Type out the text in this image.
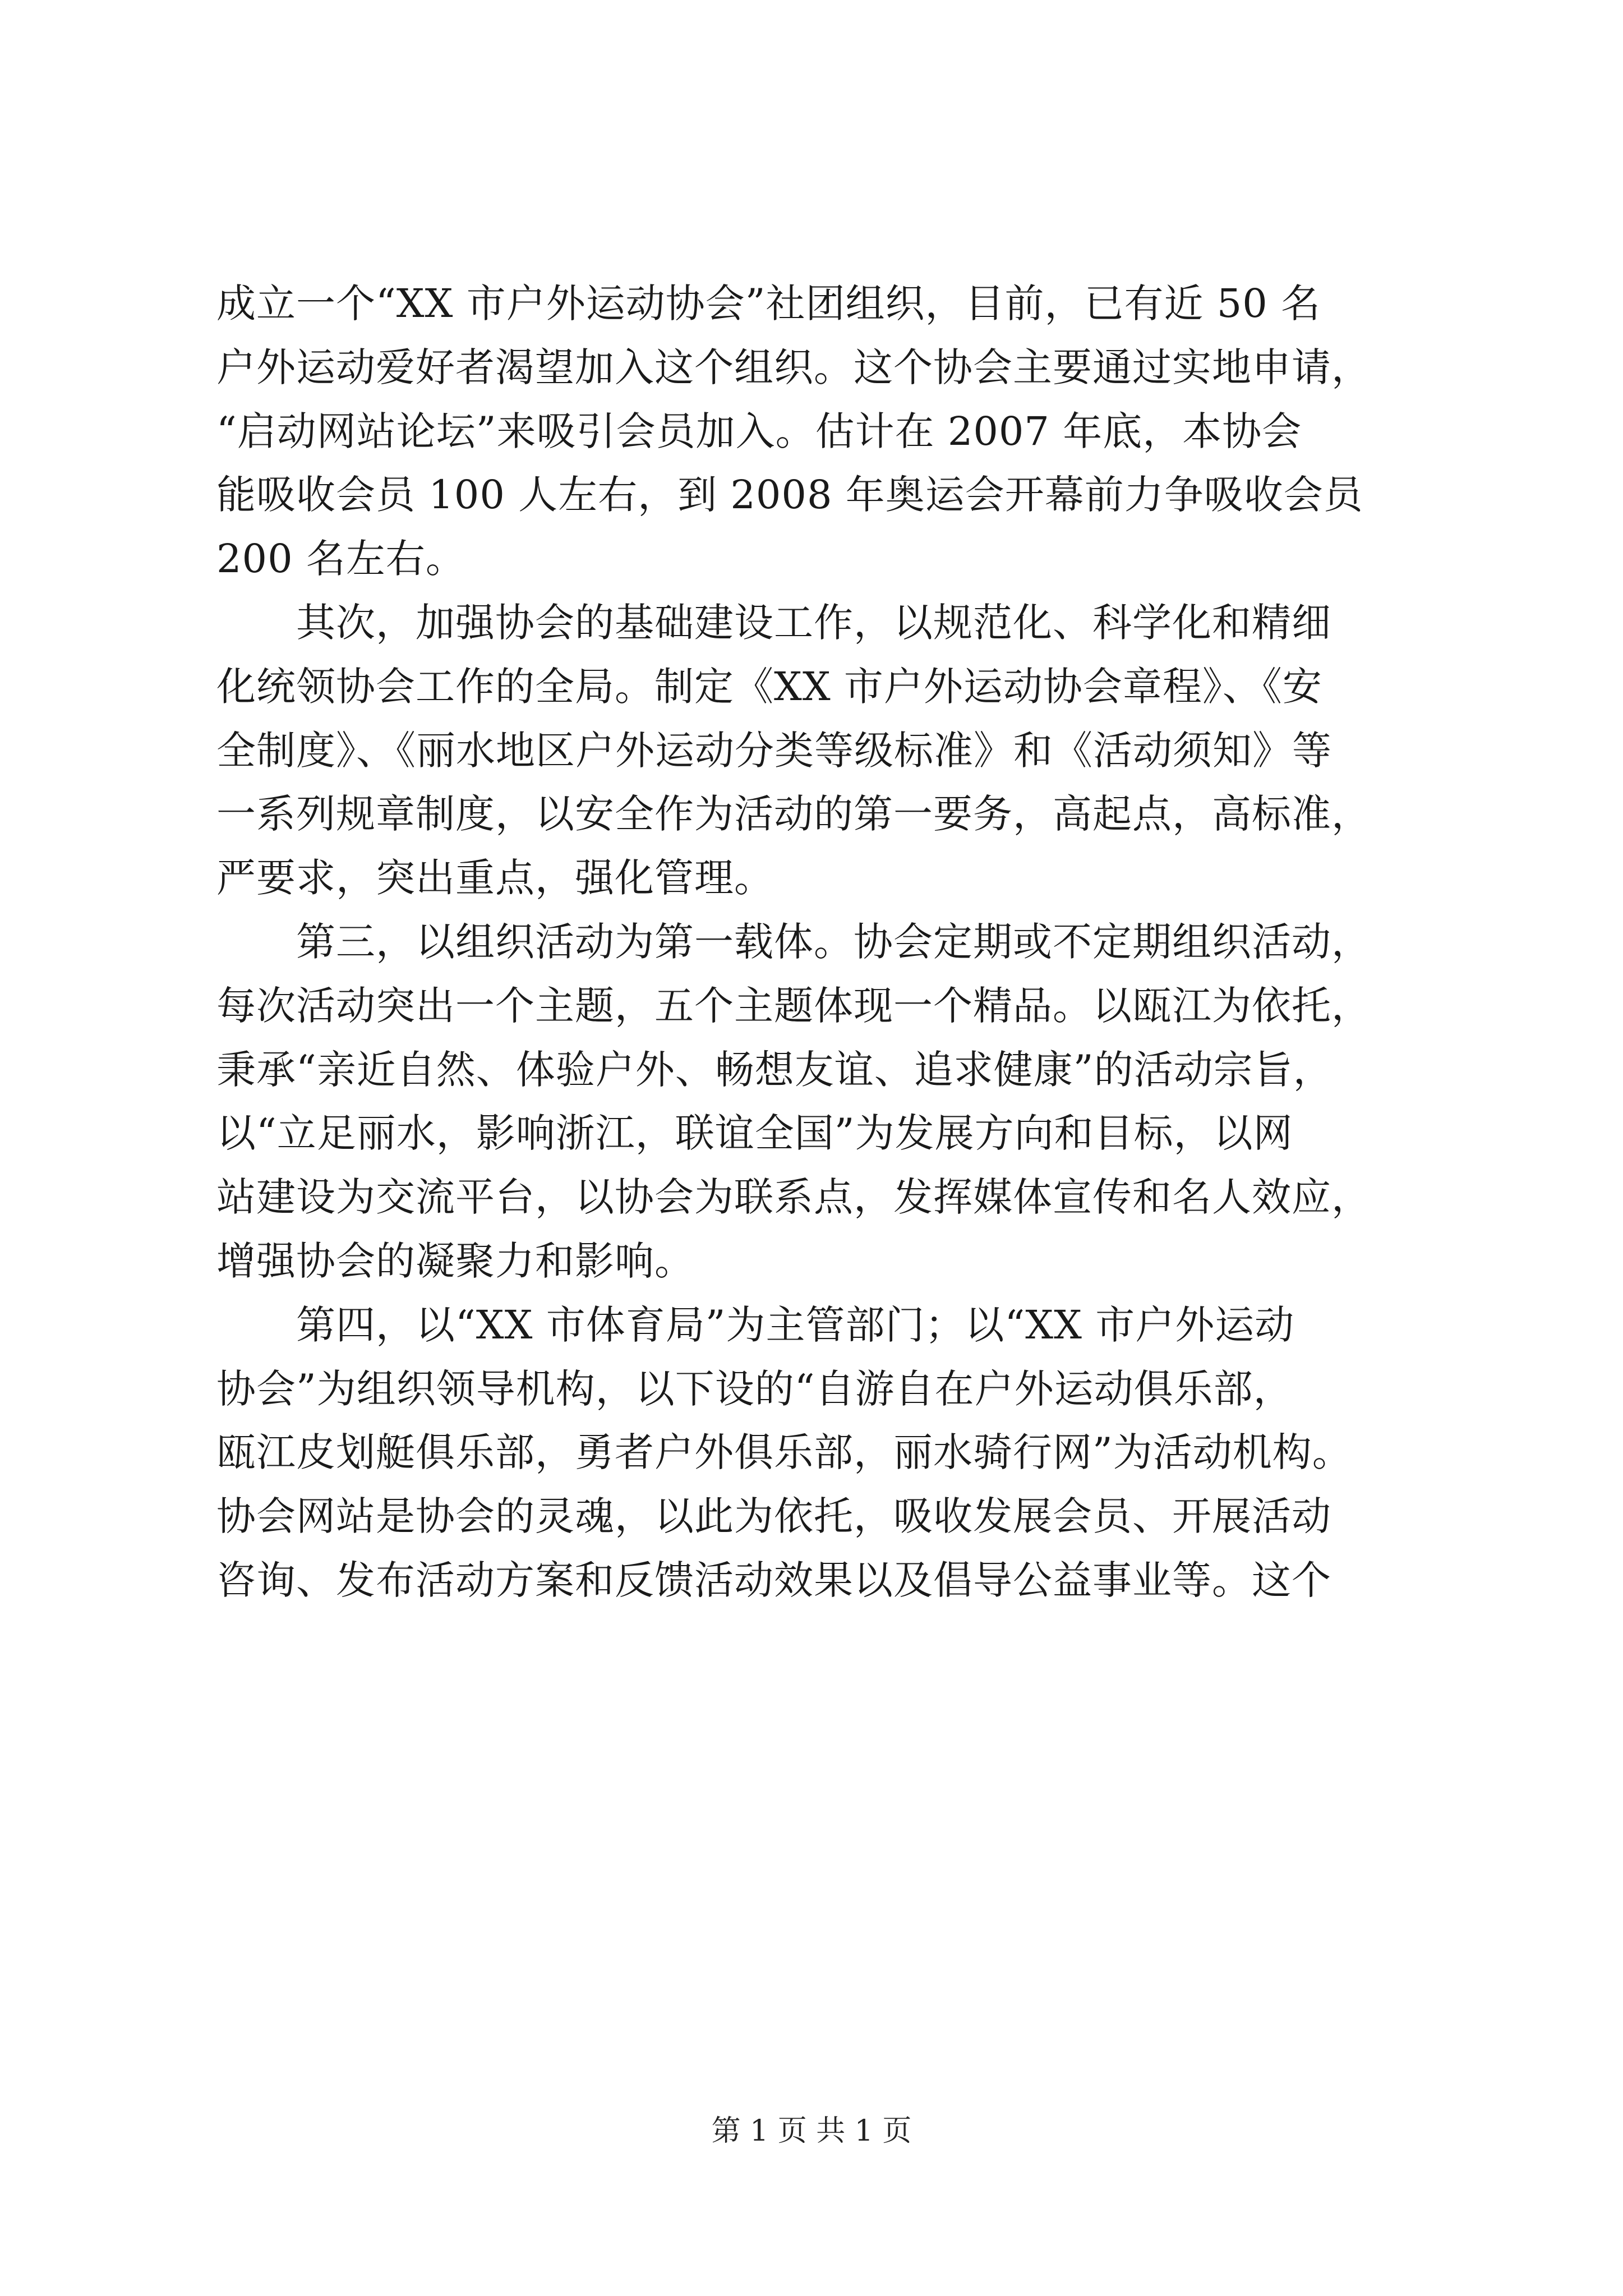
成立一个“XX 市户外运动协会”社团组织，目前，已有近 50 名
户外运动爱好者渴望加入这个组织。这个协会主要通过实地申请，
“启动网站论坛”来吸引会员加入。估计在 2007 年底，本协会
能吸收会员 100 人左右，到 2008 年奥运会开幕前力争吸收会员
200 名左右。
　　其次，加强协会的基础建设工作，以规范化、科学化和精细
化统领协会工作的全局。制定《XX 市户外运动协会章程》、《安
全制度》、《丽水地区户外运动分类等级标准》和《活动须知》等
一系列规章制度，以安全作为活动的第一要务，高起点，高标准，
严要求，突出重点，强化管理。
　　第三，以组织活动为第一载体。协会定期或不定期组织活动，
每次活动突出一个主题，五个主题体现一个精品。以瓯江为依托，
秉承“亲近自然、体验户外、畅想友谊、追求健康”的活动宗旨，
以“立足丽水，影响浙江，联谊全国”为发展方向和目标，以网
站建设为交流平台，以协会为联系点，发挥媒体宣传和名人效应，
增强协会的凝聚力和影响。
　　第四，以“XX 市体育局”为主管部门；以“XX 市户外运动
协会”为组织领导机构，以下设的“自游自在户外运动俱乐部，
瓯江皮划艇俱乐部，勇者户外俱乐部，丽水骑行网”为活动机构。
协会网站是协会的灵魂，以此为依托，吸收发展会员、开展活动
咨询、发布活动方案和反馈活动效果以及倡导公益事业等。这个
第 1 页 共 1 页
